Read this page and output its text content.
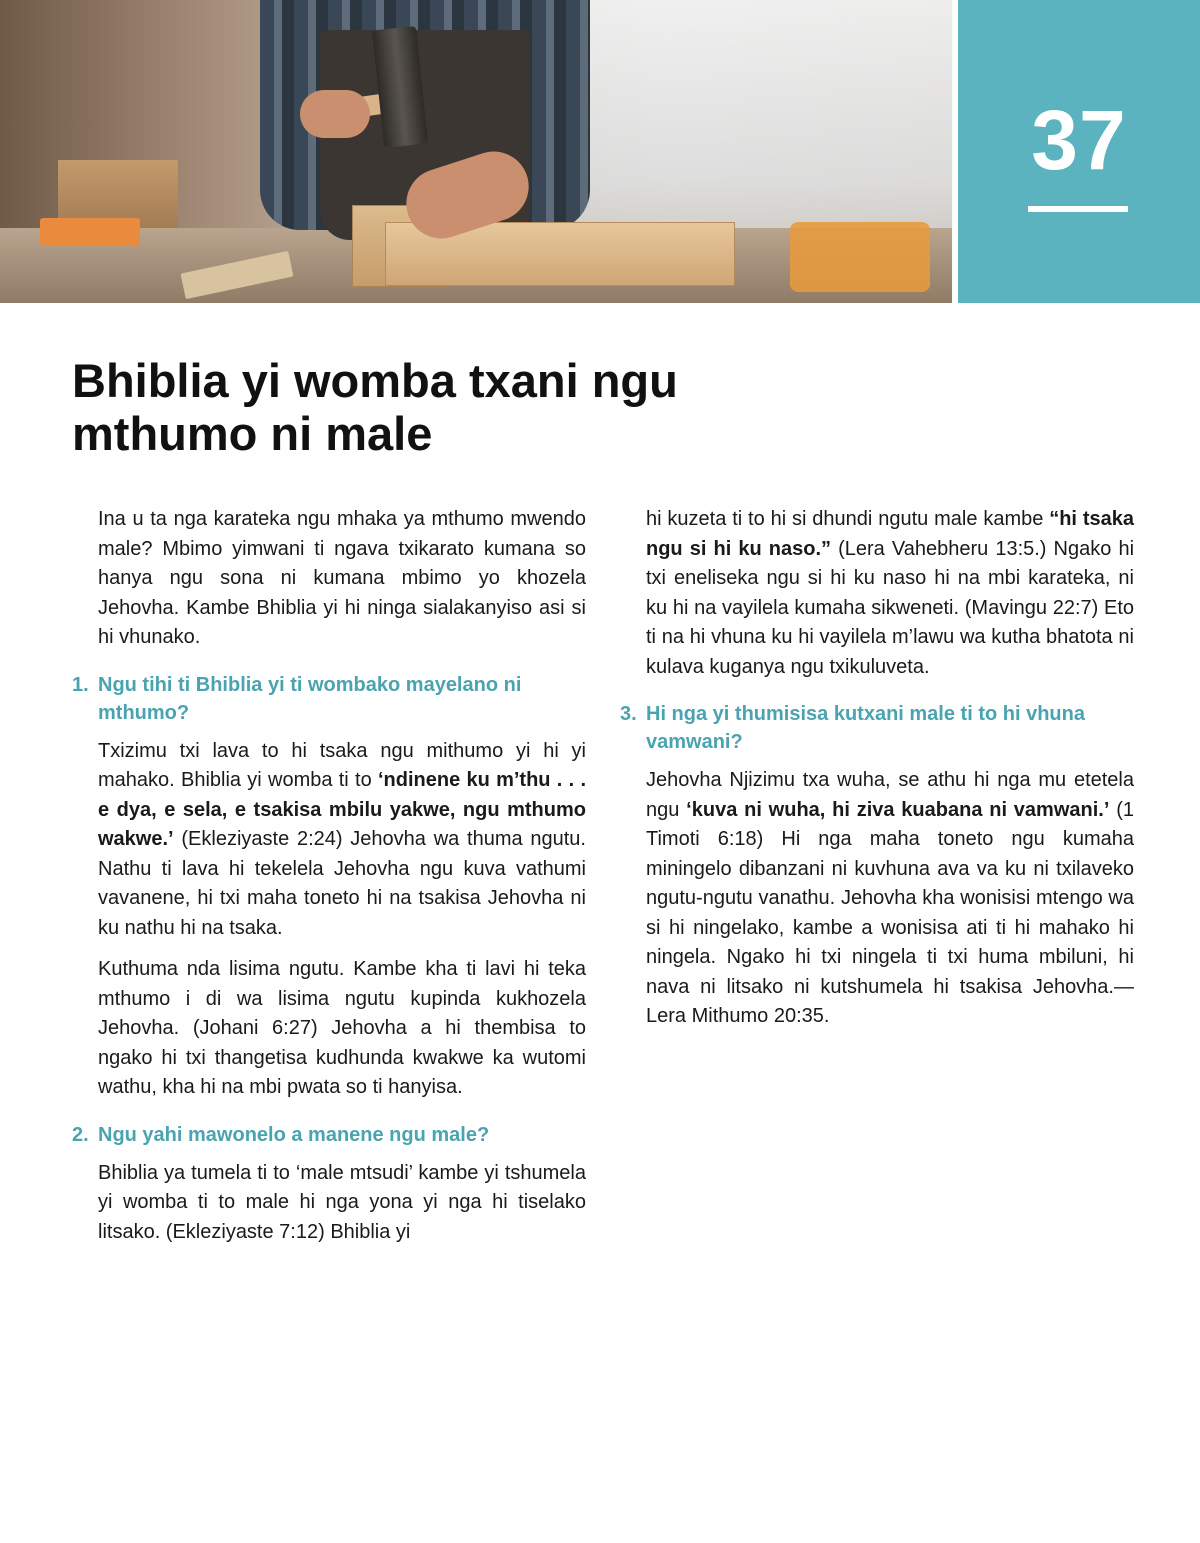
37
Bhiblia yi womba txani ngu mthumo ni male

Ina u ta nga karateka ngu mhaka ya mthumo mwendo male? Mbimo yimwani ti ngava txikarato kumana so hanya ngu sona ni kumana mbimo yo khozela Jehovha. Kambe Bhiblia yi hi ninga sialakanyiso asi si hi vhunako.

1. Ngu tihi ti Bhiblia yi ti wombako mayelano ni mthumo?

Txizimu txi lava to hi tsaka ngu mithumo yi hi yi mahako. Bhiblia yi womba ti to ‘ndinene ku m’thu . . . e dya, e sela, e tsakisa mbilu yakwe, ngu mthumo wakwe.’ (Ekleziyaste 2:24) Jehovha wa thuma ngutu. Nathu ti lava hi tekelela Jehovha ngu kuva vathumi vavanene, hi txi maha toneto hi na tsakisa Jehovha ni ku nathu hi na tsaka.

Kuthuma nda lisima ngutu. Kambe kha ti lavi hi teka mthumo i di wa lisima ngutu kupinda kukhozela Jehovha. (Johani 6:27) Jehovha a hi thembisa to ngako hi txi thangetisa kudhunda kwakwe ka wutomi wathu, kha hi na mbi pwata so ti hanyisa.

2. Ngu yahi mawonelo a manene ngu male?

Bhiblia ya tumela ti to ‘male mtsudi’ kambe yi tshumela yi womba ti to male hi nga yona yi nga hi tiselako litsako. (Ekleziyaste 7:12) Bhiblia yi

hi kuzeta ti to hi si dhundi ngutu male kambe “hi tsaka ngu si hi ku naso.” (Lera Vahebheru 13:5.) Ngako hi txi eneliseka ngu si hi ku naso hi na mbi karateka, ni ku hi na vayilela kumaha sikweneti. (Mavingu 22:7) Eto ti na hi vhuna ku hi vayilela m’lawu wa kutha bhatota ni kulava kuganya ngu txikuluveta.

3. Hi nga yi thumisisa kutxani male ti to hi vhuna vamwani?

Jehovha Njizimu txa wuha, se athu hi nga mu etetela ngu ‘kuva ni wuha, hi ziva kuabana ni vamwani.’ (1 Timoti 6:18) Hi nga maha toneto ngu kumaha miningelo dibanzani ni kuvhuna ava va ku ni txilaveko ngutu-ngutu vanathu. Jehovha kha wonisisi mtengo wa si hi ningelako, kambe a wonisisa ati ti hi mahako hi ningela. Ngako hi txi ningela ti txi huma mbiluni, hi nava ni litsako ni kutshumela hi tsakisa Jehovha.—Lera Mithumo 20:35.
